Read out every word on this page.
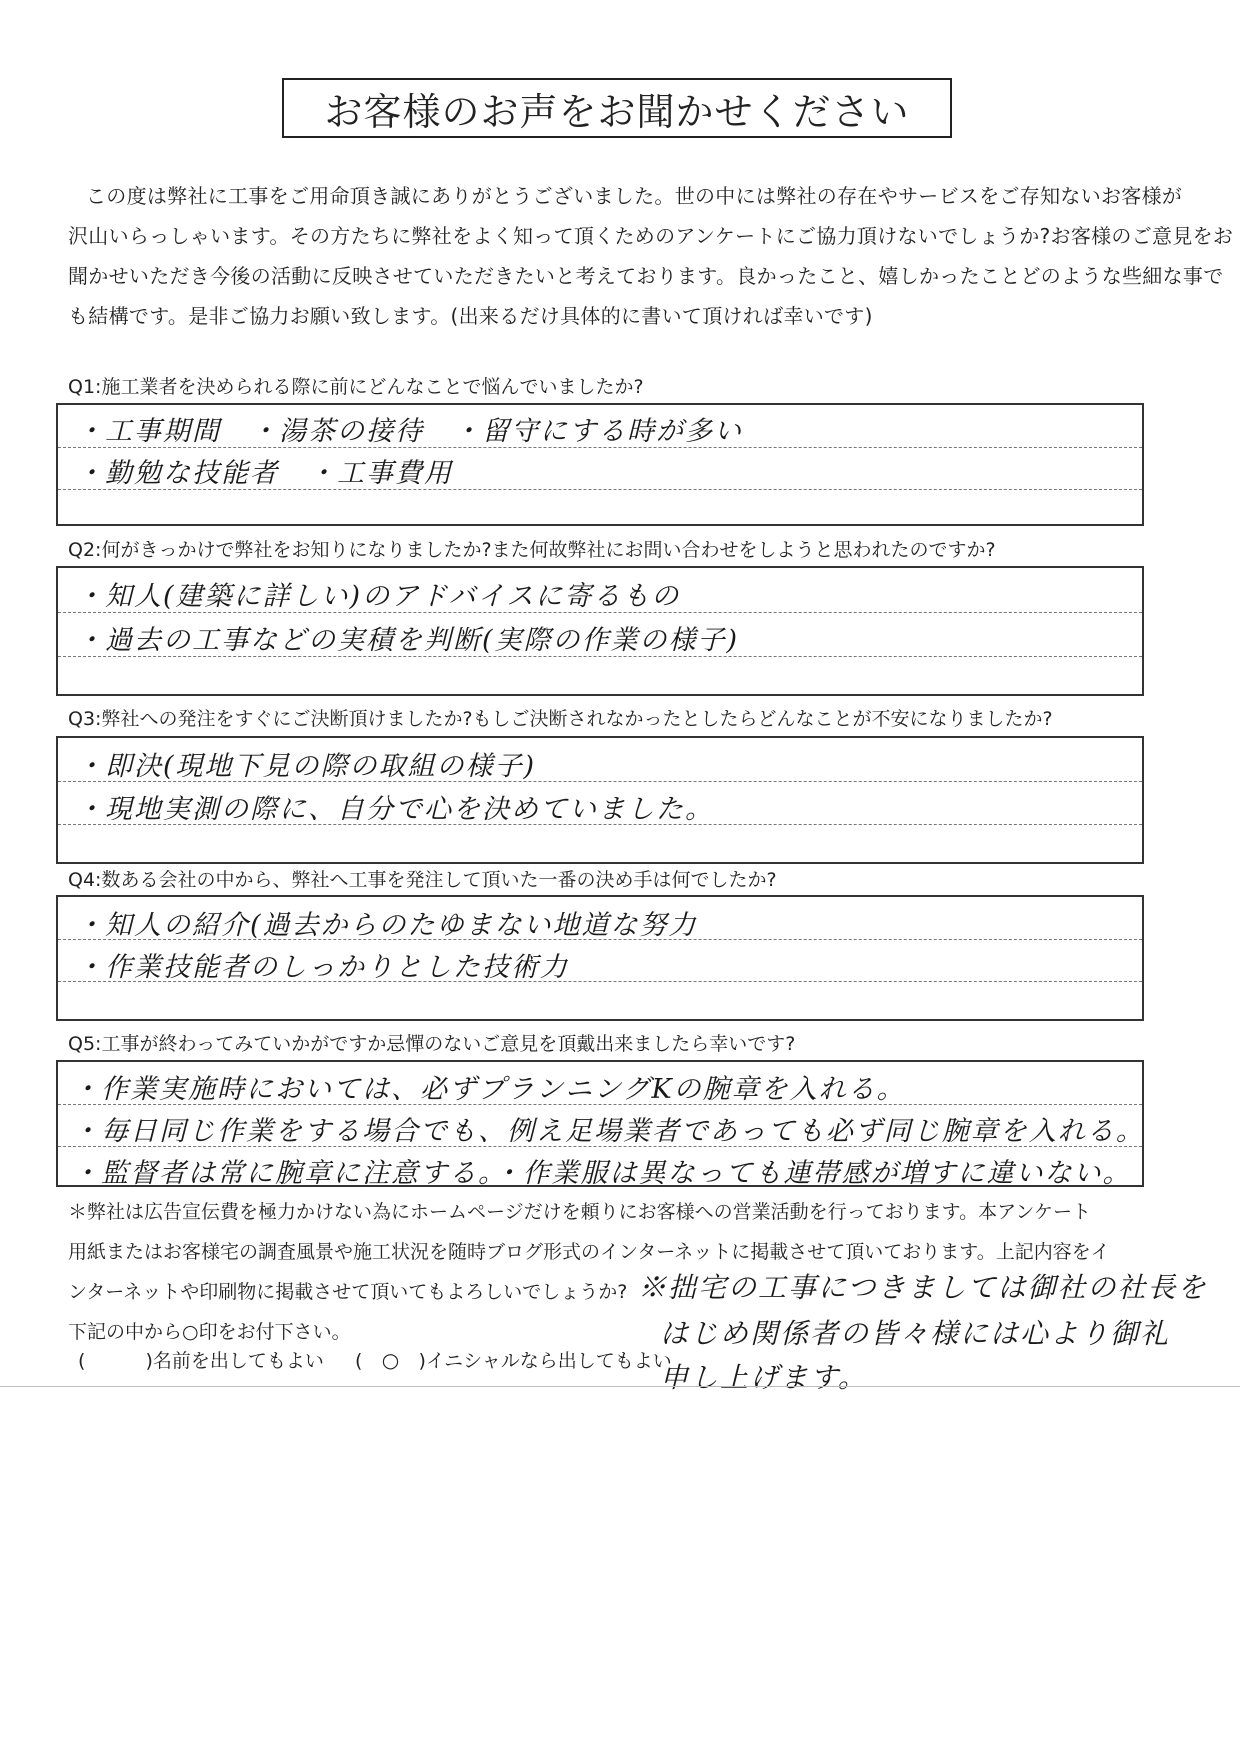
お客様のお声をお聞かせください

この度は弊社に工事をご用命頂き誠にありがとうございました。世の中には弊社の存在やサービスをご存知ないお客様が

沢山いらっしゃいます。その方たちに弊社をよく知って頂くためのアンケートにご協力頂けないでしょうか?お客様のご意見をお

聞かせいただき今後の活動に反映させていただきたいと考えております。良かったこと、嬉しかったことどのような些細な事で

も結構です。是非ご協力お願い致します。(出来るだけ具体的に書いて頂ければ幸いです)

Q1:施工業者を決められる際に前にどんなことで悩んでいましたか?
・工事期間　・湯茶の接待　・留守にする時が多い
・勤勉な技能者　・工事費用
Q2:何がきっかけで弊社をお知りになりましたか?また何故弊社にお問い合わせをしようと思われたのですか?
・知人(建築に詳しい)のアドバイスに寄るもの
・過去の工事などの実積を判断(実際の作業の様子)
Q3:弊社への発注をすぐにご決断頂けましたか?もしご決断されなかったとしたらどんなことが不安になりましたか?
・即決(現地下見の際の取組の様子)
・現地実測の際に、自分で心を決めていました。
Q4:数ある会社の中から、弊社へ工事を発注して頂いた一番の決め手は何でしたか?
・知人の紹介(過去からのたゆまない地道な努力
・作業技能者のしっかりとした技術力
Q5:工事が終わってみていかがですか忌憚のないご意見を頂戴出来ましたら幸いです?
・作業実施時においては、必ずプランニングKの腕章を入れる。
・毎日同じ作業をする場合でも、例え足場業者であっても必ず同じ腕章を入れる。
・監督者は常に腕章に注意する。・作業服は異なっても連帯感が増すに違いない。

＊弊社は広告宣伝費を極力かけない為にホームページだけを頼りにお客様への営業活動を行っております。本アンケート

用紙またはお客様宅の調査風景や施工状況を随時ブログ形式のインターネットに掲載させて頂いております。上記内容をイ

ンターネットや印刷物に掲載させて頂いてもよろしいでしょうか?

下記の中から○印をお付下さい。

(	)名前を出してもよい ( ○ )イニシャルなら出してもよい
※拙宅の工事につきましては御社の社長を
はじめ関係者の皆々様には心より御礼
申し上げます。
